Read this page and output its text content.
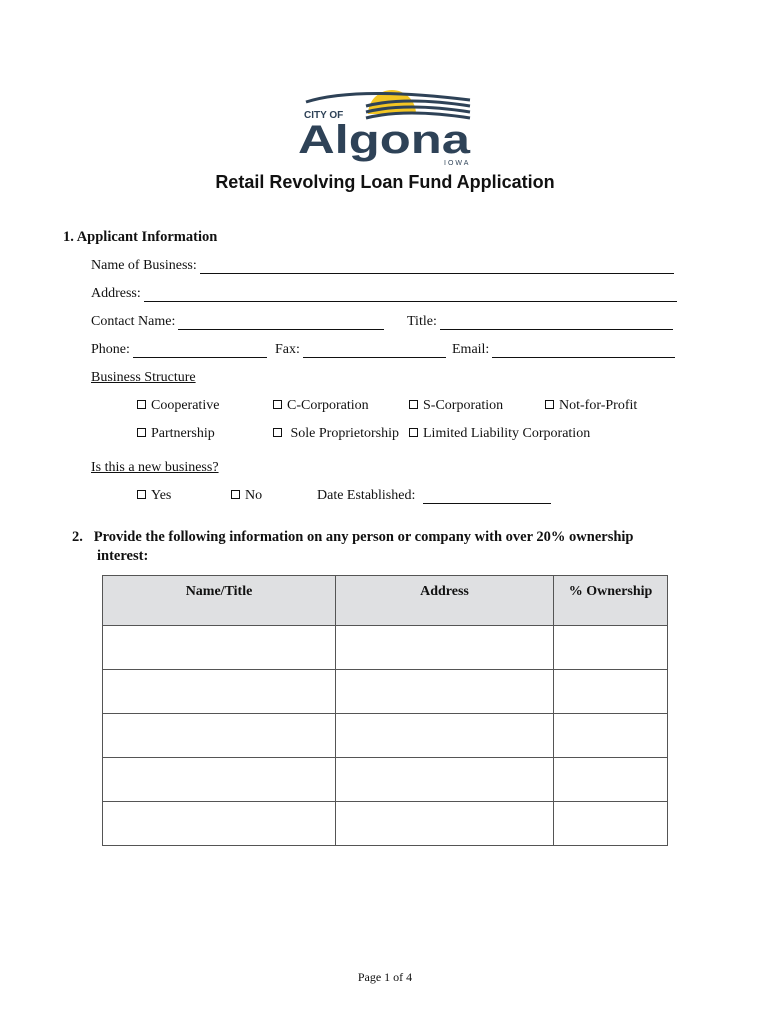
CITY OF
Algona
IOWA
Retail Revolving Loan Fund Application
1. Applicant Information
Name of Business:
Address:
Contact Name:	Title:
Phone:	Fax:	Email:
Business Structure
Cooperative	C-Corporation	S-Corporation	Not-for-Profit
Partnership	Sole Proprietorship	Limited Liability Corporation
Is this a new business?
Yes	No	Date Established:
2.   Provide the following information on any person or company with over 20% ownership
interest:
Name/Title	Address	% Ownership

Page 1 of 4
